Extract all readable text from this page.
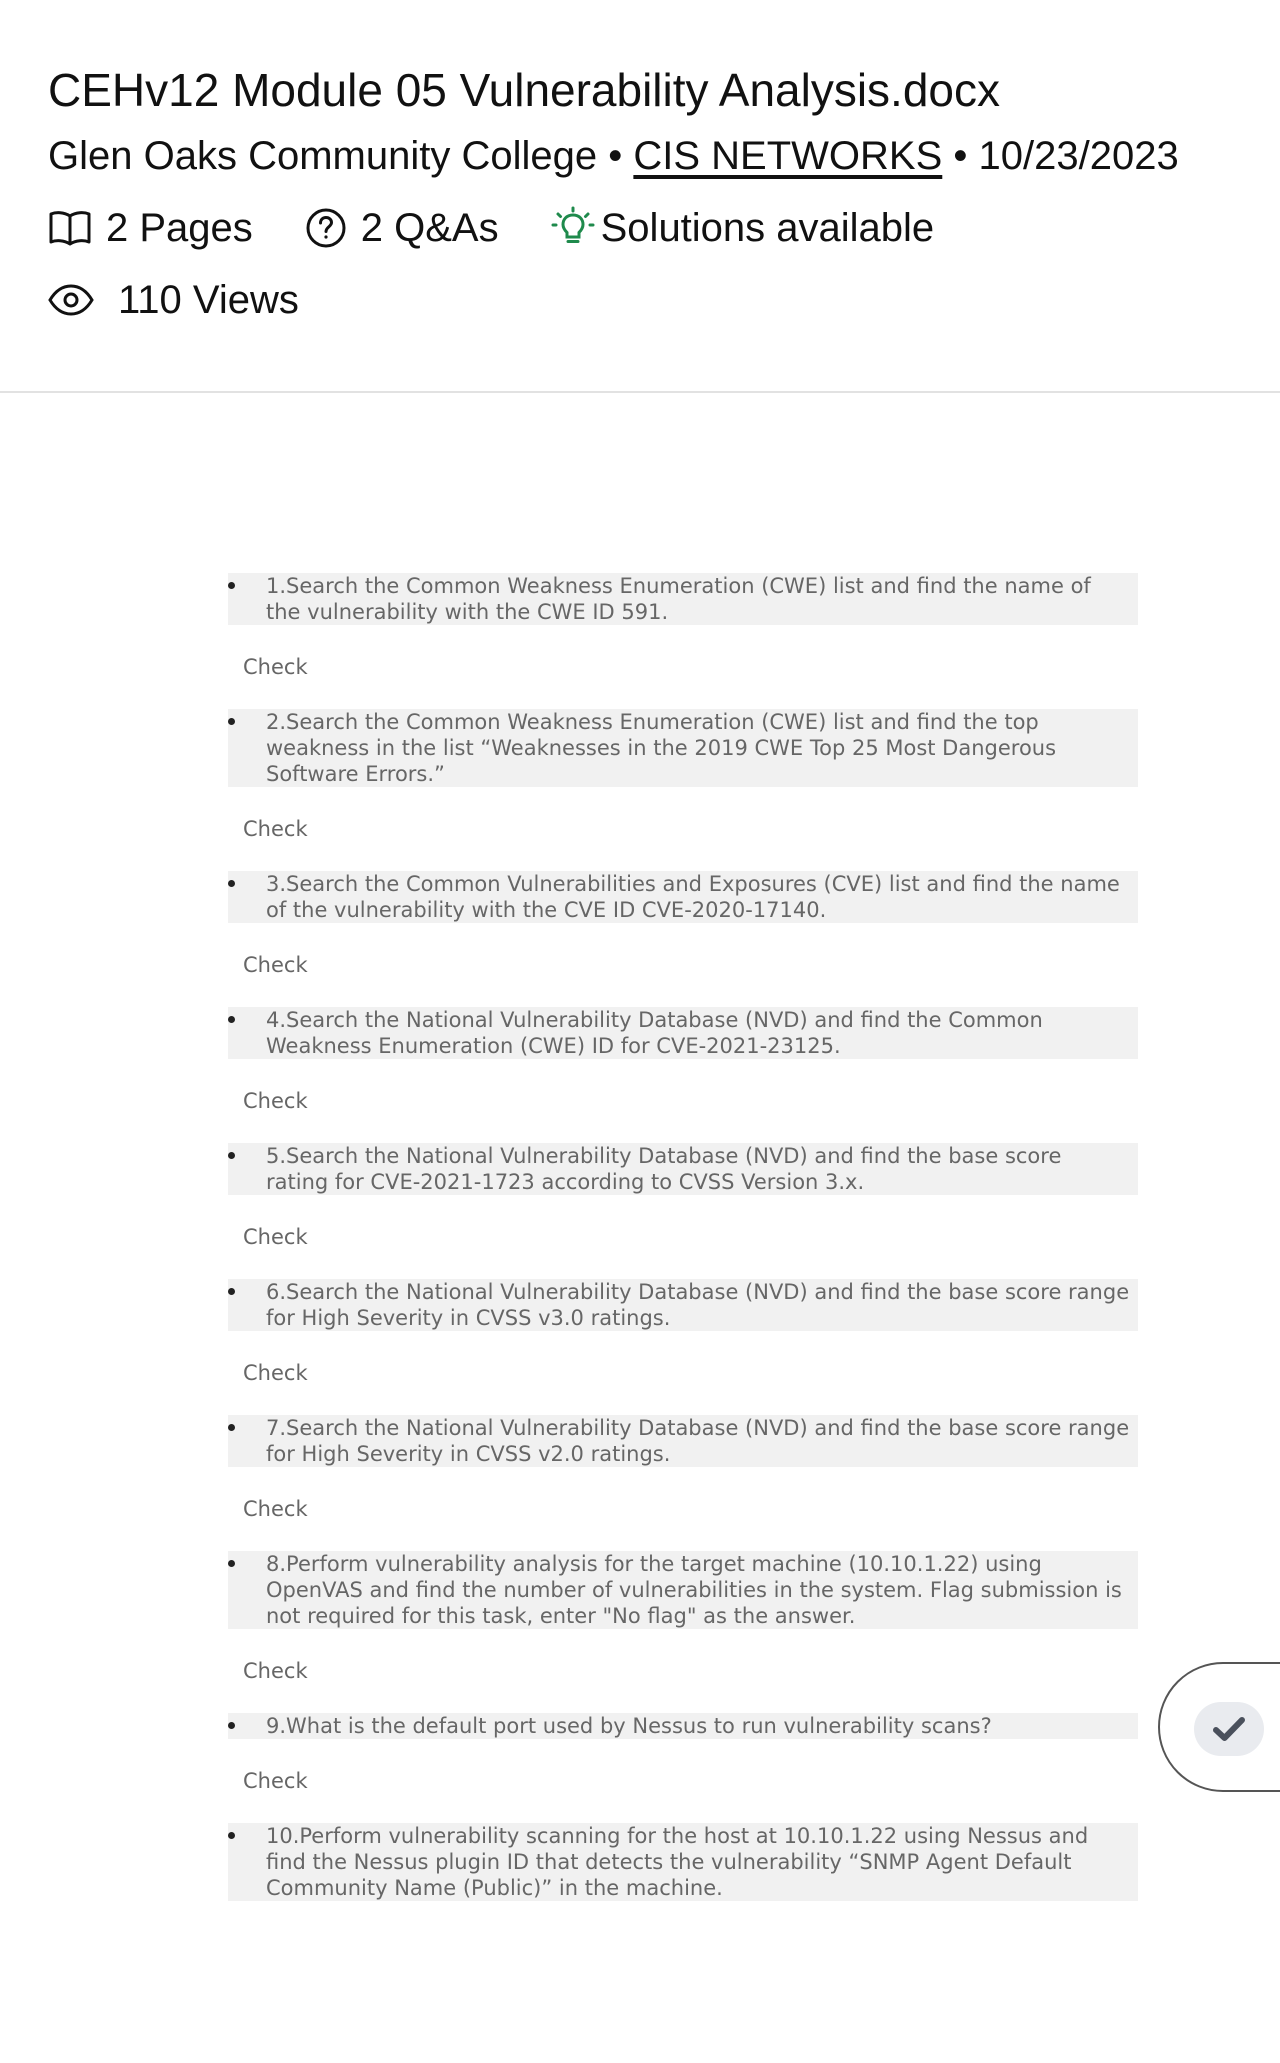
CEHv12 Module 05 Vulnerability Analysis.docx
Glen Oaks Community College • CIS NETWORKS • 10/23/2023
2 Pages	2 Q&As	Solutions available
110 Views
1.Search the Common Weakness Enumeration (CWE) list and find the name of the vulnerability with the CWE ID 591.
Check
2.Search the Common Weakness Enumeration (CWE) list and find the top weakness in the list “Weaknesses in the 2019 CWE Top 25 Most Dangerous Software Errors.”
Check
3.Search the Common Vulnerabilities and Exposures (CVE) list and find the name of the vulnerability with the CVE ID CVE-2020-17140.
Check
4.Search the National Vulnerability Database (NVD) and find the Common Weakness Enumeration (CWE) ID for CVE-2021-23125.
Check
5.Search the National Vulnerability Database (NVD) and find the base score rating for CVE-2021-1723 according to CVSS Version 3.x.
Check
6.Search the National Vulnerability Database (NVD) and find the base score range for High Severity in CVSS v3.0 ratings.
Check
7.Search the National Vulnerability Database (NVD) and find the base score range for High Severity in CVSS v2.0 ratings.
Check
8.Perform vulnerability analysis for the target machine (10.10.1.22) using OpenVAS and find the number of vulnerabilities in the system. Flag submission is not required for this task, enter "No flag" as the answer.
Check
9.What is the default port used by Nessus to run vulnerability scans?
Check
10.Perform vulnerability scanning for the host at 10.10.1.22 using Nessus and find the Nessus plugin ID that detects the vulnerability “SNMP Agent Default Community Name (Public)” in the machine.
